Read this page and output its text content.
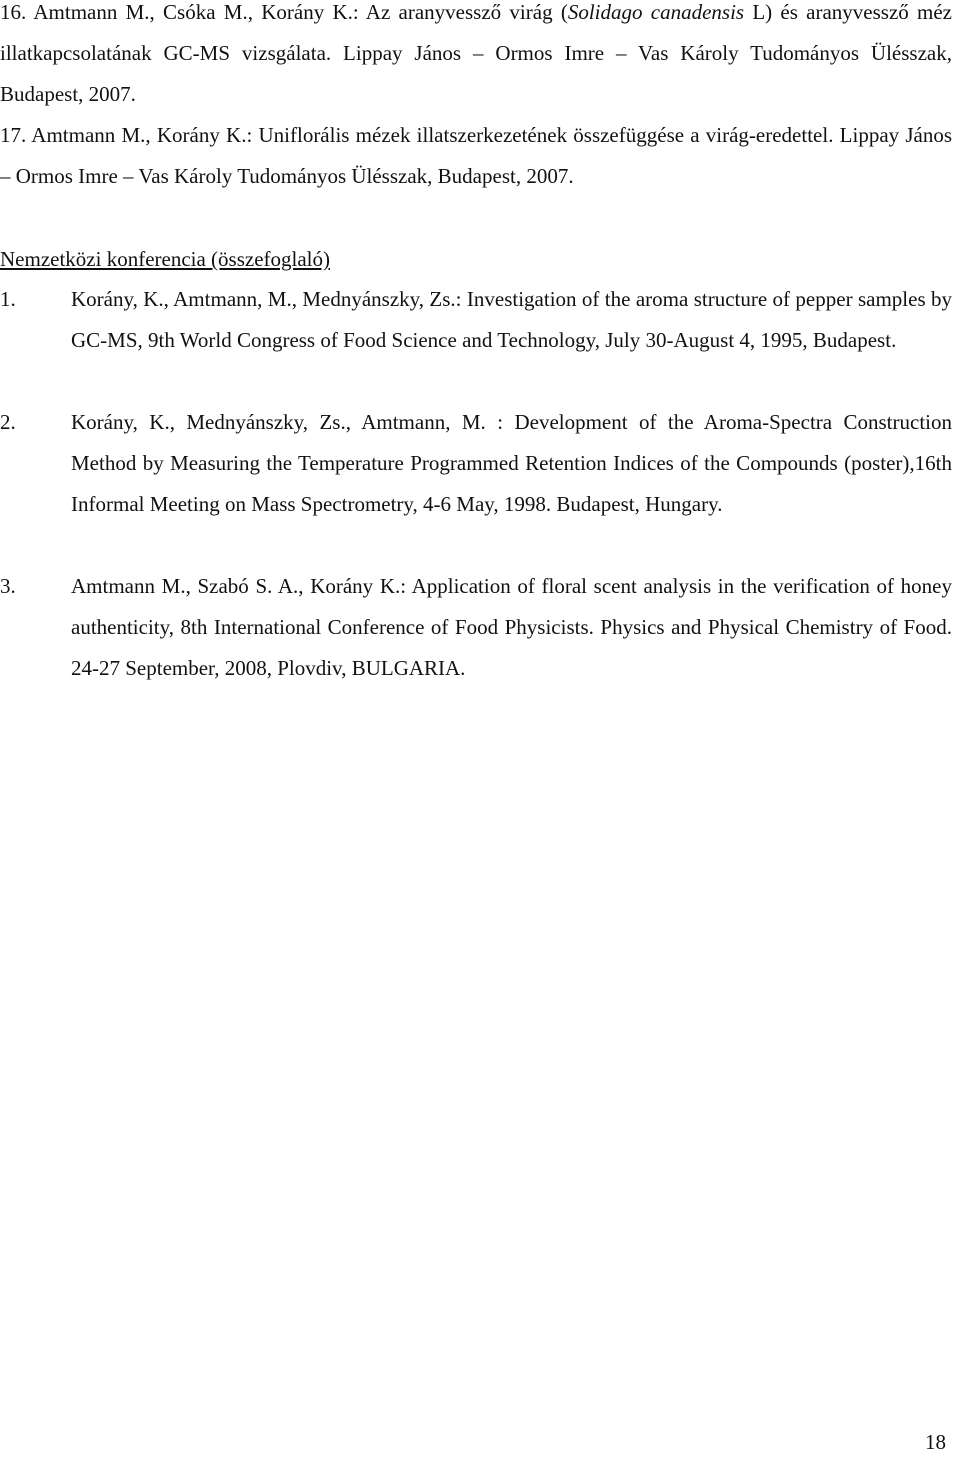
16. Amtmann M., Csóka M., Korány K.: Az aranyvessző virág (Solidago canadensis L) és aranyvessző méz illatkapcsolatának GC-MS vizsgálata. Lippay János – Ormos Imre – Vas Károly Tudományos Ülésszak, Budapest, 2007.

17. Amtmann M., Korány K.: Uniflorális mézek illatszerkezetének összefüggése a virág-eredettel. Lippay János – Ormos Imre – Vas Károly Tudományos Ülésszak, Budapest, 2007.

Nemzetközi konferencia (összefoglaló)

1.	Korány, K., Amtmann, M., Mednyánszky, Zs.: Investigation of the aroma structure of pepper samples by GC-MS, 9th World Congress of Food Science and Technology, July 30-August 4, 1995, Budapest.

2.	Korány, K., Mednyánszky, Zs., Amtmann, M. : Development of the Aroma-Spectra Construction Method by Measuring the Temperature Programmed Retention Indices of the Compounds (poster),16th Informal Meeting on Mass Spectrometry, 4-6 May, 1998. Budapest, Hungary.

3.	Amtmann M., Szabó S. A., Korány K.: Application of floral scent analysis in the verification of honey authenticity, 8th International Conference of Food Physicists. Physics and Physical Chemistry of Food. 24-27 September, 2008, Plovdiv, BULGARIA.

18
